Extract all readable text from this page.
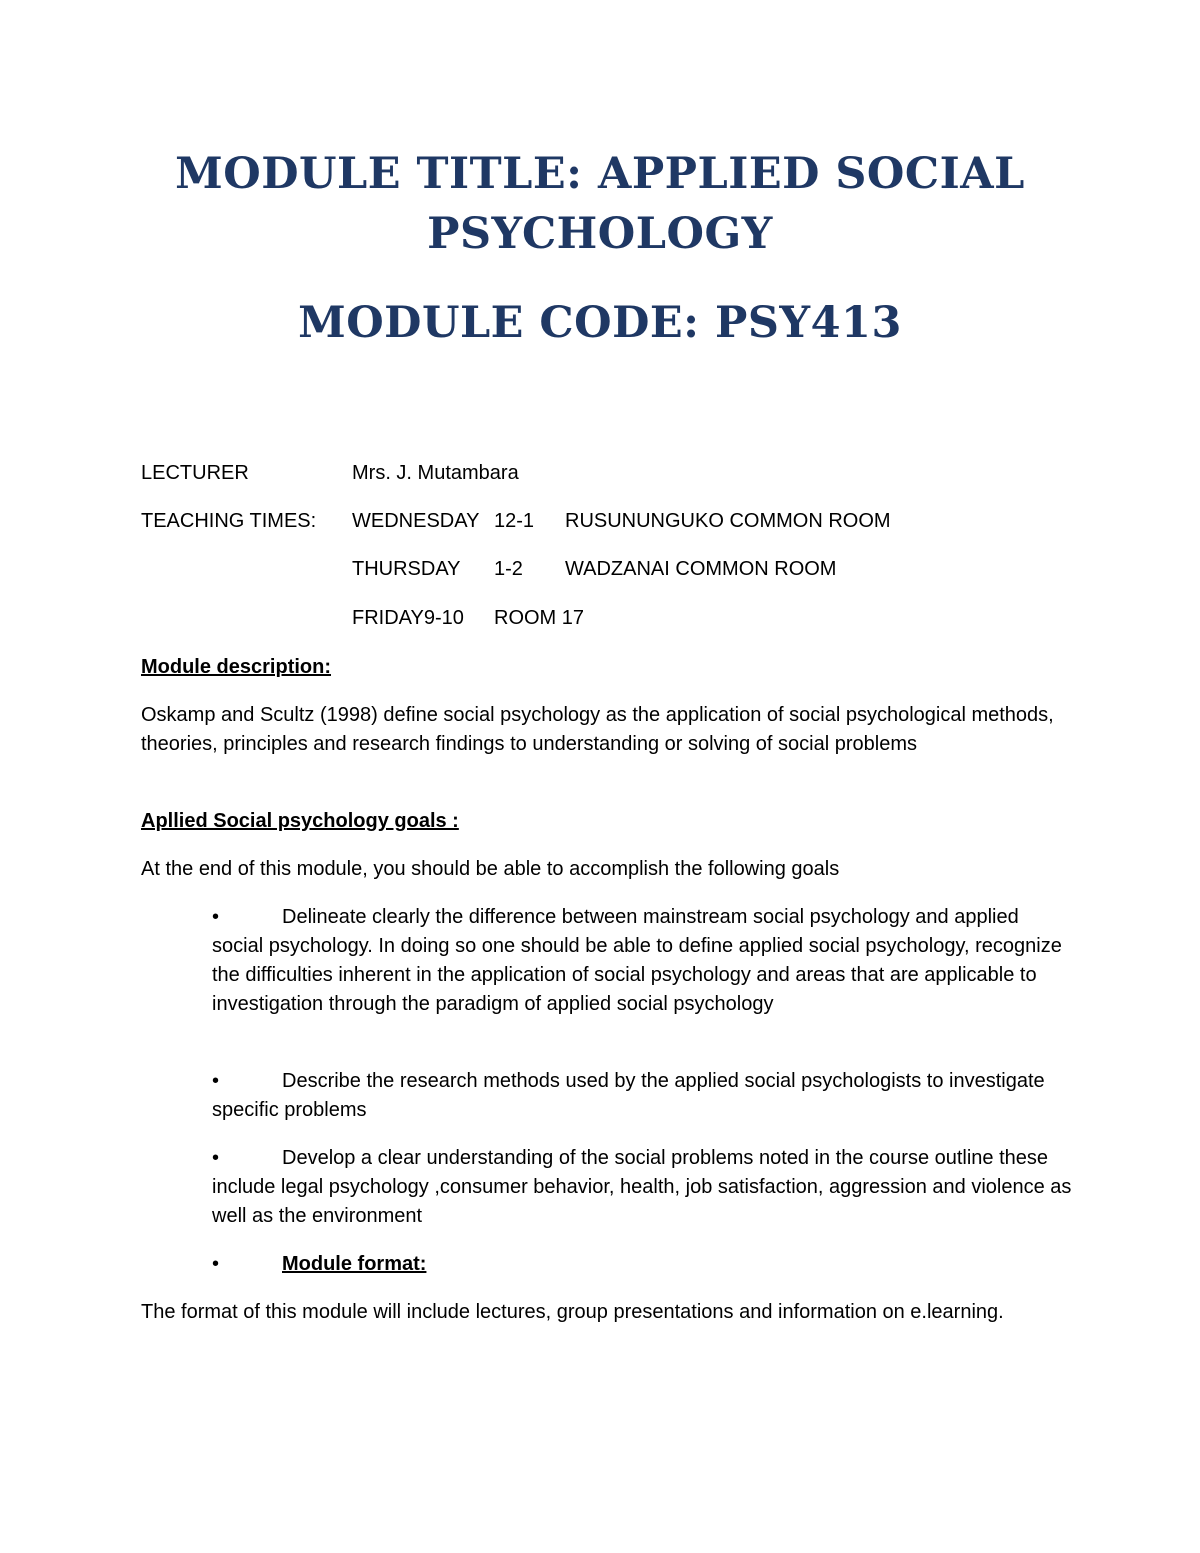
MODULE TITLE: APPLIED SOCIAL
PSYCHOLOGY
MODULE CODE: PSY413
LECTURER	Mrs. J. Mutambara
TEACHING TIMES: WEDNESDAY 12-1 RUSUNUNGUKO COMMON ROOM
THURSDAY 1-2 WADZANAI COMMON ROOM
FRIDAY9-10 ROOM 17
Module description:
Oskamp and Scultz (1998) define social psychology as the application of social psychological methods, theories, principles and research findings to understanding or solving of social problems
Apllied Social psychology goals :
At the end of this module, you should be able to accomplish the following goals
•	Delineate clearly the difference between mainstream social psychology and applied social psychology. In doing so one should be able to define applied social psychology, recognize the difficulties inherent in the application of social psychology and areas that are applicable to investigation through the paradigm of applied social psychology
•	Describe the research methods used by the applied social psychologists to investigate specific problems
•	Develop a clear understanding of the social problems noted in the course outline these include legal psychology ,consumer behavior, health, job satisfaction, aggression and violence as well as the environment
•	Module format:
The format of this module will include lectures, group presentations and information on e.learning.
